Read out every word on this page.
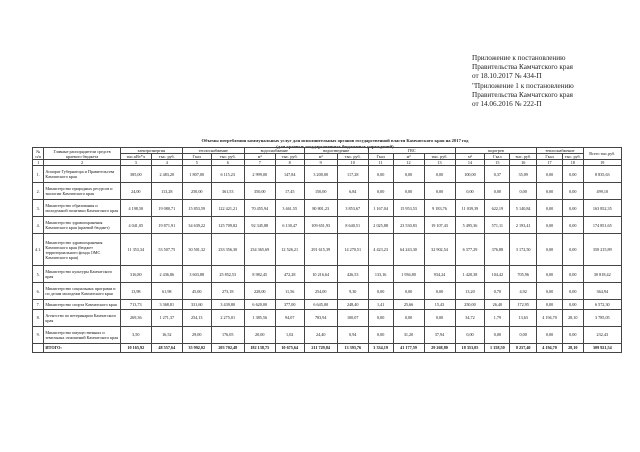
Приложение к постановлению
Правительства Камчатского края
от 18.10.2017 № 434-П
"Приложение 1 к постановлению
Правительства Камчатского края
от 14.06.2016 № 222-П
Объемы потребления коммунальных услуг для исполнительных органов государственной власти Камчатского края на 2017 год
(для краевых государственных бюджетных учреждений)
№ п/п	Главные распорядители средств краевого бюджета	электроэнергия		теплоснабжение		водоснабжение		водоотведение		ГВС			подогрев			теплоснабжение		Всего тыс.руб.
		тыс.кВт*ч	тыс. руб.	Гкал	тыс. руб.	м³	тыс. руб.	м³	тыс. руб.	Гкал	м³	тыс. руб.	м³	Гкал	тыс. руб.	Гкал	тыс. руб.	
1	2	3	4	5	6	7	8	9	10	11	12	13	14	15	16	17	18	19
1.	Аппарат Губернатора и Правительства Камчатского края	385,00	2 483,20	1 807,00	6 115,23	2 999,00	147,84	3 200,00	117,28	0,00	0,00	0,00	100,00	0,37	35,09	0,00	0,00	8 835,63
2.	Министерство природных ресурсов и экологии Камчатского края	24,00	113,28	250,00	361,53	350,00	17,45	150,00	6,84	0,00	0,00	0,00	0,00	0,00	0,00	0,00	0,00	499,10
3.	Министерство образования и молодежной политики Камчатского края	4 198,50	19 080,71	15 853,59	122 421,21	70 455,94	3 461,55	80 801,23	3 853,67	1 167,04	15 953,53	9 183,76	11 039,39	622,19	5 140,84	0,00	0,00	163 852,35
4.	Министерство здравоохранения Камчатского края (краевой бюджет)	4 041,05	19 871,91	34 639,22	125 709,82	92 345,88	6 130,47	109 651,93	8 640,51	2 025,88	23 530,83	19 107,43	5 495,36	571,11	2 193,41	0,00	0,00	174 851,65
4.1.	Министерство здравоохранения Камчатского края (бюджет территориального фонда ОМС Камчатского края)	11 353,34	53 507,75	30 501,32	233 356,30	234 365,69	12 526,21	291 615,39	14 270,51	4 423,23	64 243,30	32 902,54	6 377,29	376,88	3 172,50	0,00	0,00	350 215,89
5.	Министерство культуры Камчатского края	316,80	2 436,86	3 603,88	25 852,53	8 982,45	472,28	10 216,64	426,53	133,16	1 936,80	934,24	1 420,38	104,42	705,96	0,00	0,00	30 818,42
6.	Министерство социальных программ и по делам молодежи Камчатского края	13,98	61,98	45,00	273,18	228,00	11,56	254,00	9,30	0,00	0,00	0,00	13,20	0,70	4,92	0,00	0,00	364,94
7.	Министерство спорта Камчатского края	713,73	3 368,81	331,60	3 439,80	6 620,00	377,00	6 645,00	248,40	1,41	25,66	15,43	250,00	26,40	172,95	0,00	0,00	6 572,30
8.	Агентство по ветеринарии Камчатского края	269,36	1 271,37	254,13	2 275,01	1 385,56	94,07	783,94	100,07	0,00	0,00	0,00	34,72	1,79	13,63	4 194,70	28,10	3 785,05
9.	Министерство имущественных и земельных отношений Камчатского края	3,50	16,52	29,00	176,05	20,00	1,02	24,40	0,94	0,00	31,20	37,94	0,00	0,00	0,00	0,00	0,00	232,43
	ИТОГО:	10 165,92	48 557,64	35 992,02	203 702,48	182 138,75	10 675,64	211 729,84	13 393,76	3 334,19	41 177,59	29 268,80	18 353,05	1 158,50	8 257,40	4 194,70	28,10	309 921,54
